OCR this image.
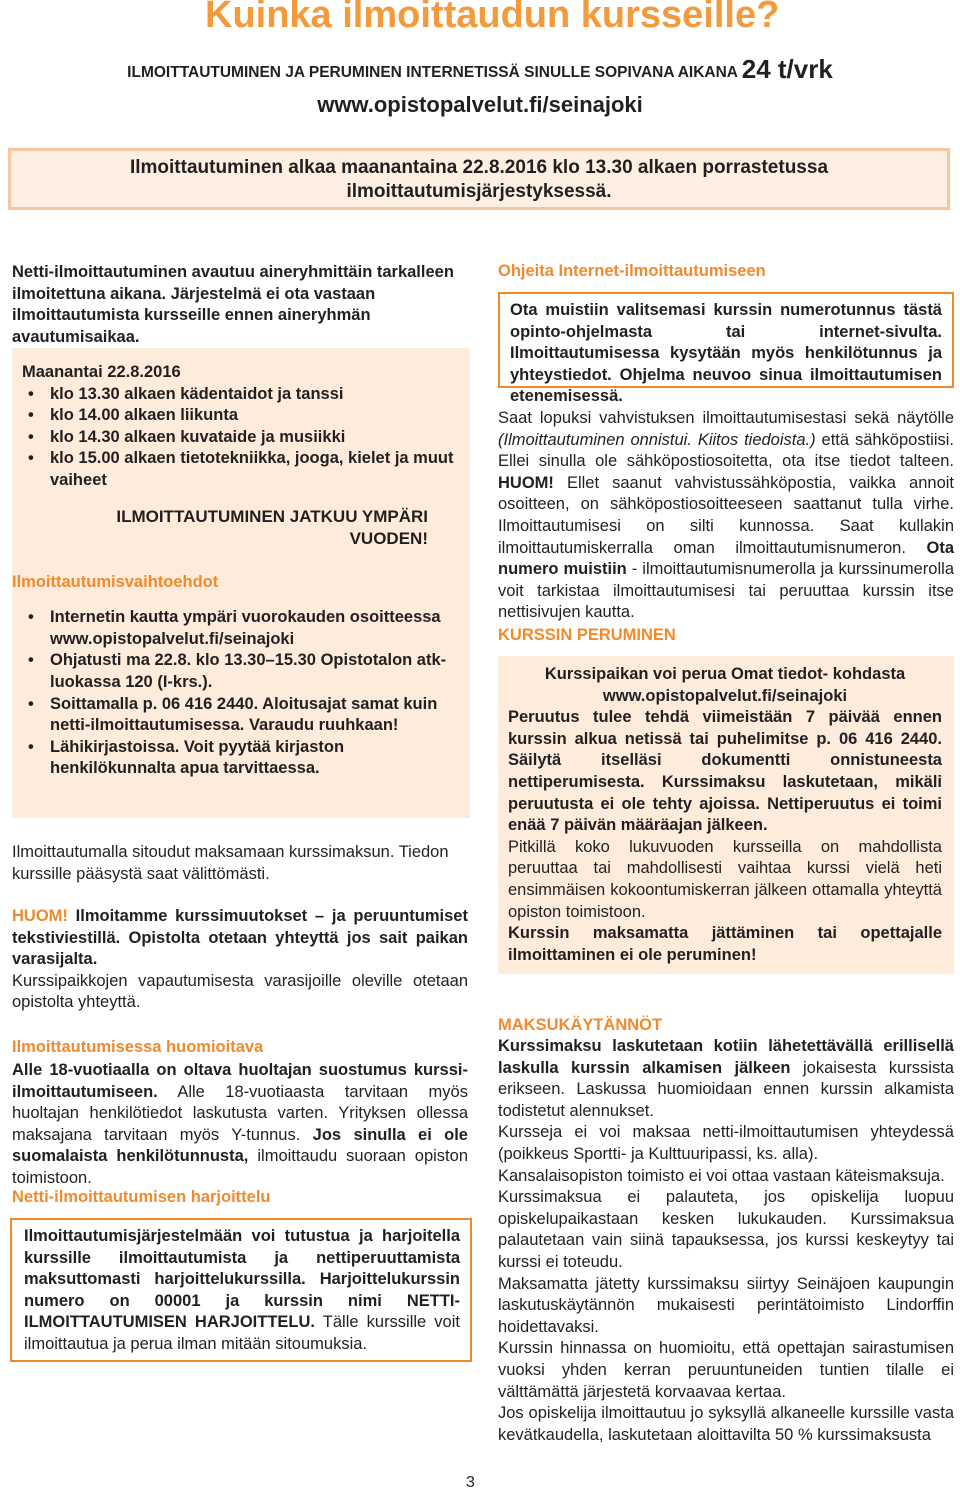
Kuinka ilmoittaudun kursseille?
ILMOITTAUTUMINEN JA PERUMINEN INTERNETISSÄ SINULLE SOPIVANA AIKANA 24 t/vrk
www.opistopalvelut.fi/seinajoki
Ilmoittautuminen alkaa maanantaina 22.8.2016 klo 13.30 alkaen porrastetussa
ilmoittautumisjärjestyksessä.
Netti-ilmoittautuminen avautuu aineryhmittäin tarkalleen ilmoitettuna aikana. Järjestelmä ei ota vastaan ilmoittautumista kursseille ennen aineryhmän avautumisaikaa.
Maanantai 22.8.2016
• klo 13.30 alkaen kädentaidot ja tanssi
• klo 14.00 alkaen liikunta
• klo 14.30 alkaen kuvataide ja musiikki
• klo 15.00 alkaen tietotekniikka, jooga, kielet ja muut vaiheet
ILMOITTAUTUMINEN JATKUU YMPÄRI VUODEN!
Ilmoittautumisvaihtoehdot
• Internetin kautta ympäri vuorokauden osoitteessa
www.opistopalvelut.fi/seinajoki
• Ohjatusti ma 22.8. klo 13.30–15.30 Opistotalon atk-luokassa 120 (I-krs.).
• Soittamalla p. 06 416 2440. Aloitusajat samat kuin netti-ilmoittautumisessa. Varaudu ruuhkaan!
• Lähikirjastoissa. Voit pyytää kirjaston henkilökunnalta apua tarvittaessa.
Ilmoittautumalla sitoudut maksamaan kurssimaksun. Tiedon kurssille pääsystä saat välittömästi.
HUOM! Ilmoitamme kurssimuutokset – ja peruuntumiset tekstiviestillä. Opistolta otetaan yhteyttä jos sait paikan varasijalta.
Kurssipaikkojen vapautumisesta varasijoille oleville otetaan opistolta yhteyttä.
Ilmoittautumisessa huomioitava
Alle 18-vuotiaalla on oltava huoltajan suostumus kurssi-ilmoittautumiseen. Alle 18-vuotiaasta tarvitaan myös huoltajan henkilötiedot laskutusta varten. Yrityksen ollessa maksajana tarvitaan myös Y-tunnus. Jos sinulla ei ole suomalaista henkilötunnusta, ilmoittaudu suoraan opiston toimistoon.
Netti-ilmoittautumisen harjoittelu
Ilmoittautumisjärjestelmään voi tutustua ja harjoitella kurssille ilmoittautumista ja nettiperuuttamista maksuttomasti harjoittelukurssilla. Harjoittelukurssin numero on 00001 ja kurssin nimi NETTI-ILMOITTAUTUMISEN HARJOITTELU. Tälle kurssille voit ilmoittautua ja perua ilman mitään sitoumuksia.
Ohjeita Internet-ilmoittautumiseen
Ota muistiin valitsemasi kurssin numerotunnus tästä opinto-ohjelmasta tai internet-sivulta. Ilmoittautumisessa kysytään myös henkilötunnus ja yhteystiedot. Ohjelma neuvoo sinua ilmoittautumisen etenemisessä.
Saat lopuksi vahvistuksen ilmoittautumisestasi sekä näytölle (Ilmoittautuminen onnistui. Kiitos tiedoista.) että sähköpostiisi. Ellei sinulla ole sähköpostiosoitetta, ota itse tiedot talteen. HUOM! Ellet saanut vahvistussähköpostia, vaikka annoit osoitteen, on sähköpostiosoitteeseen saattanut tulla virhe. Ilmoittautumisesi on silti kunnossa. Saat kullakin ilmoittautumiskerralla oman ilmoittautumisnumeron. Ota numero muistiin - ilmoittautumisnumerolla ja kurssinumerolla voit tarkistaa ilmoittautumisesi tai peruuttaa kurssin itse nettisivujen kautta.
KURSSIN PERUMINEN
Kurssipaikan voi perua Omat tiedot- kohdasta
www.opistopalvelut.fi/seinajoki
Peruutus tulee tehdä viimeistään 7 päivää ennen kurssin alkua netissä tai puhelimitse p. 06 416 2440. Säilytä itselläsi dokumentti onnistuneesta nettiperumisesta. Kurssimaksu laskutetaan, mikäli peruutusta ei ole tehty ajoissa. Nettiperuutus ei toimi enää 7 päivän määräajan jälkeen.
Pitkillä koko lukuvuoden kursseilla on mahdollista peruuttaa tai mahdollisesti vaihtaa kurssi vielä heti ensimmäisen kokoontumiskerran jälkeen ottamalla yhteyttä opiston toimistoon.
Kurssin maksamatta jättäminen tai opettajalle ilmoittaminen ei ole peruminen!
MAKSUKÄYTÄNNÖT
Kurssimaksu laskutetaan kotiin lähetettävällä erillisellä laskulla kurssin alkamisen jälkeen jokaisesta kurssista erikseen. Laskussa huomioidaan ennen kurssin alkamista todistetut alennukset.
Kursseja ei voi maksaa netti-ilmoittautumisen yhteydessä (poikkeus Sportti- ja Kulttuuripassi, ks. alla).
Kansalaisopiston toimisto ei voi ottaa vastaan käteismaksuja.
Kurssimaksua ei palauteta, jos opiskelija luopuu opiskelupaikastaan kesken lukukauden. Kurssimaksua palautetaan vain siinä tapauksessa, jos kurssi keskeytyy tai kurssi ei toteudu.
Maksamatta jätetty kurssimaksu siirtyy Seinäjoen kaupungin laskutuskäytännön mukaisesti perintätoimisto Lindorffin hoidettavaksi.
Kurssin hinnassa on huomioitu, että opettajan sairastumisen vuoksi yhden kerran peruuntuneiden tuntien tilalle ei välttämättä järjestetä korvaavaa kertaa.
Jos opiskelija ilmoittautuu jo syksyllä alkaneelle kurssille vasta kevätkaudella, laskutetaan aloittavilta 50 % kurssimaksusta
3
